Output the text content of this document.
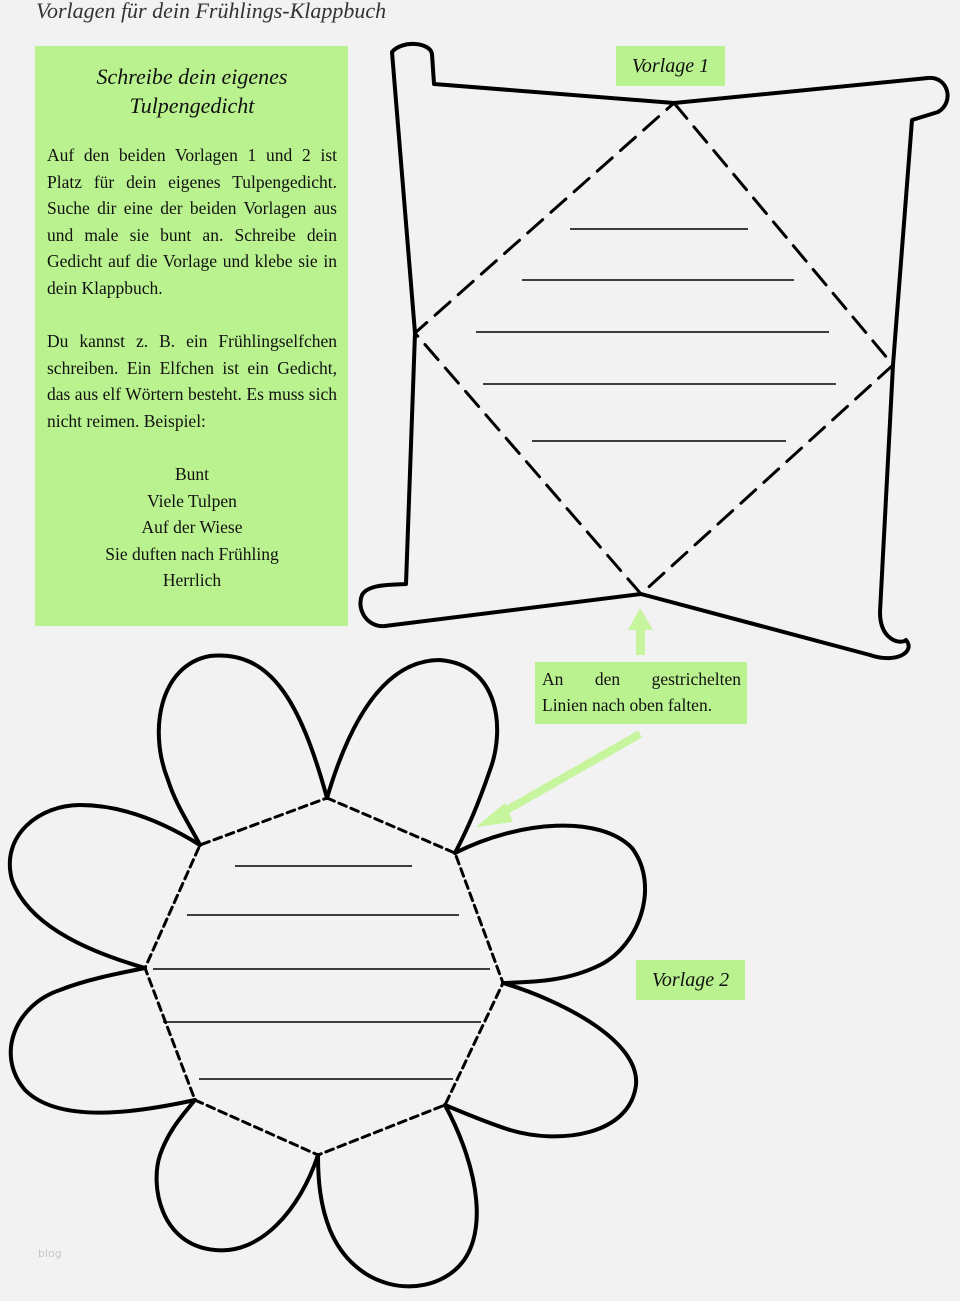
Vorlagen für dein Frühlings-Klappbuch
Schreibe dein eigenes
Tulpengedicht

Auf den beiden Vorlagen 1 und 2 ist Platz für dein eigenes Tulpengedicht. Suche dir eine der beiden Vorlagen aus und male sie bunt an. Schreibe dein Gedicht auf die Vorlage und klebe sie in dein Klappbuch.

Du kannst z. B. ein Frühlingselfchen schreiben. Ein Elfchen ist ein Gedicht, das aus elf Wörtern besteht. Es muss sich nicht reimen. Beispiel:

Bunt
Viele Tulpen
Auf der Wiese
Sie duften nach Frühling
Herrlich
Vorlage 1
Vorlage 2
An den gestrichelten
Linien nach oben falten.
blog
